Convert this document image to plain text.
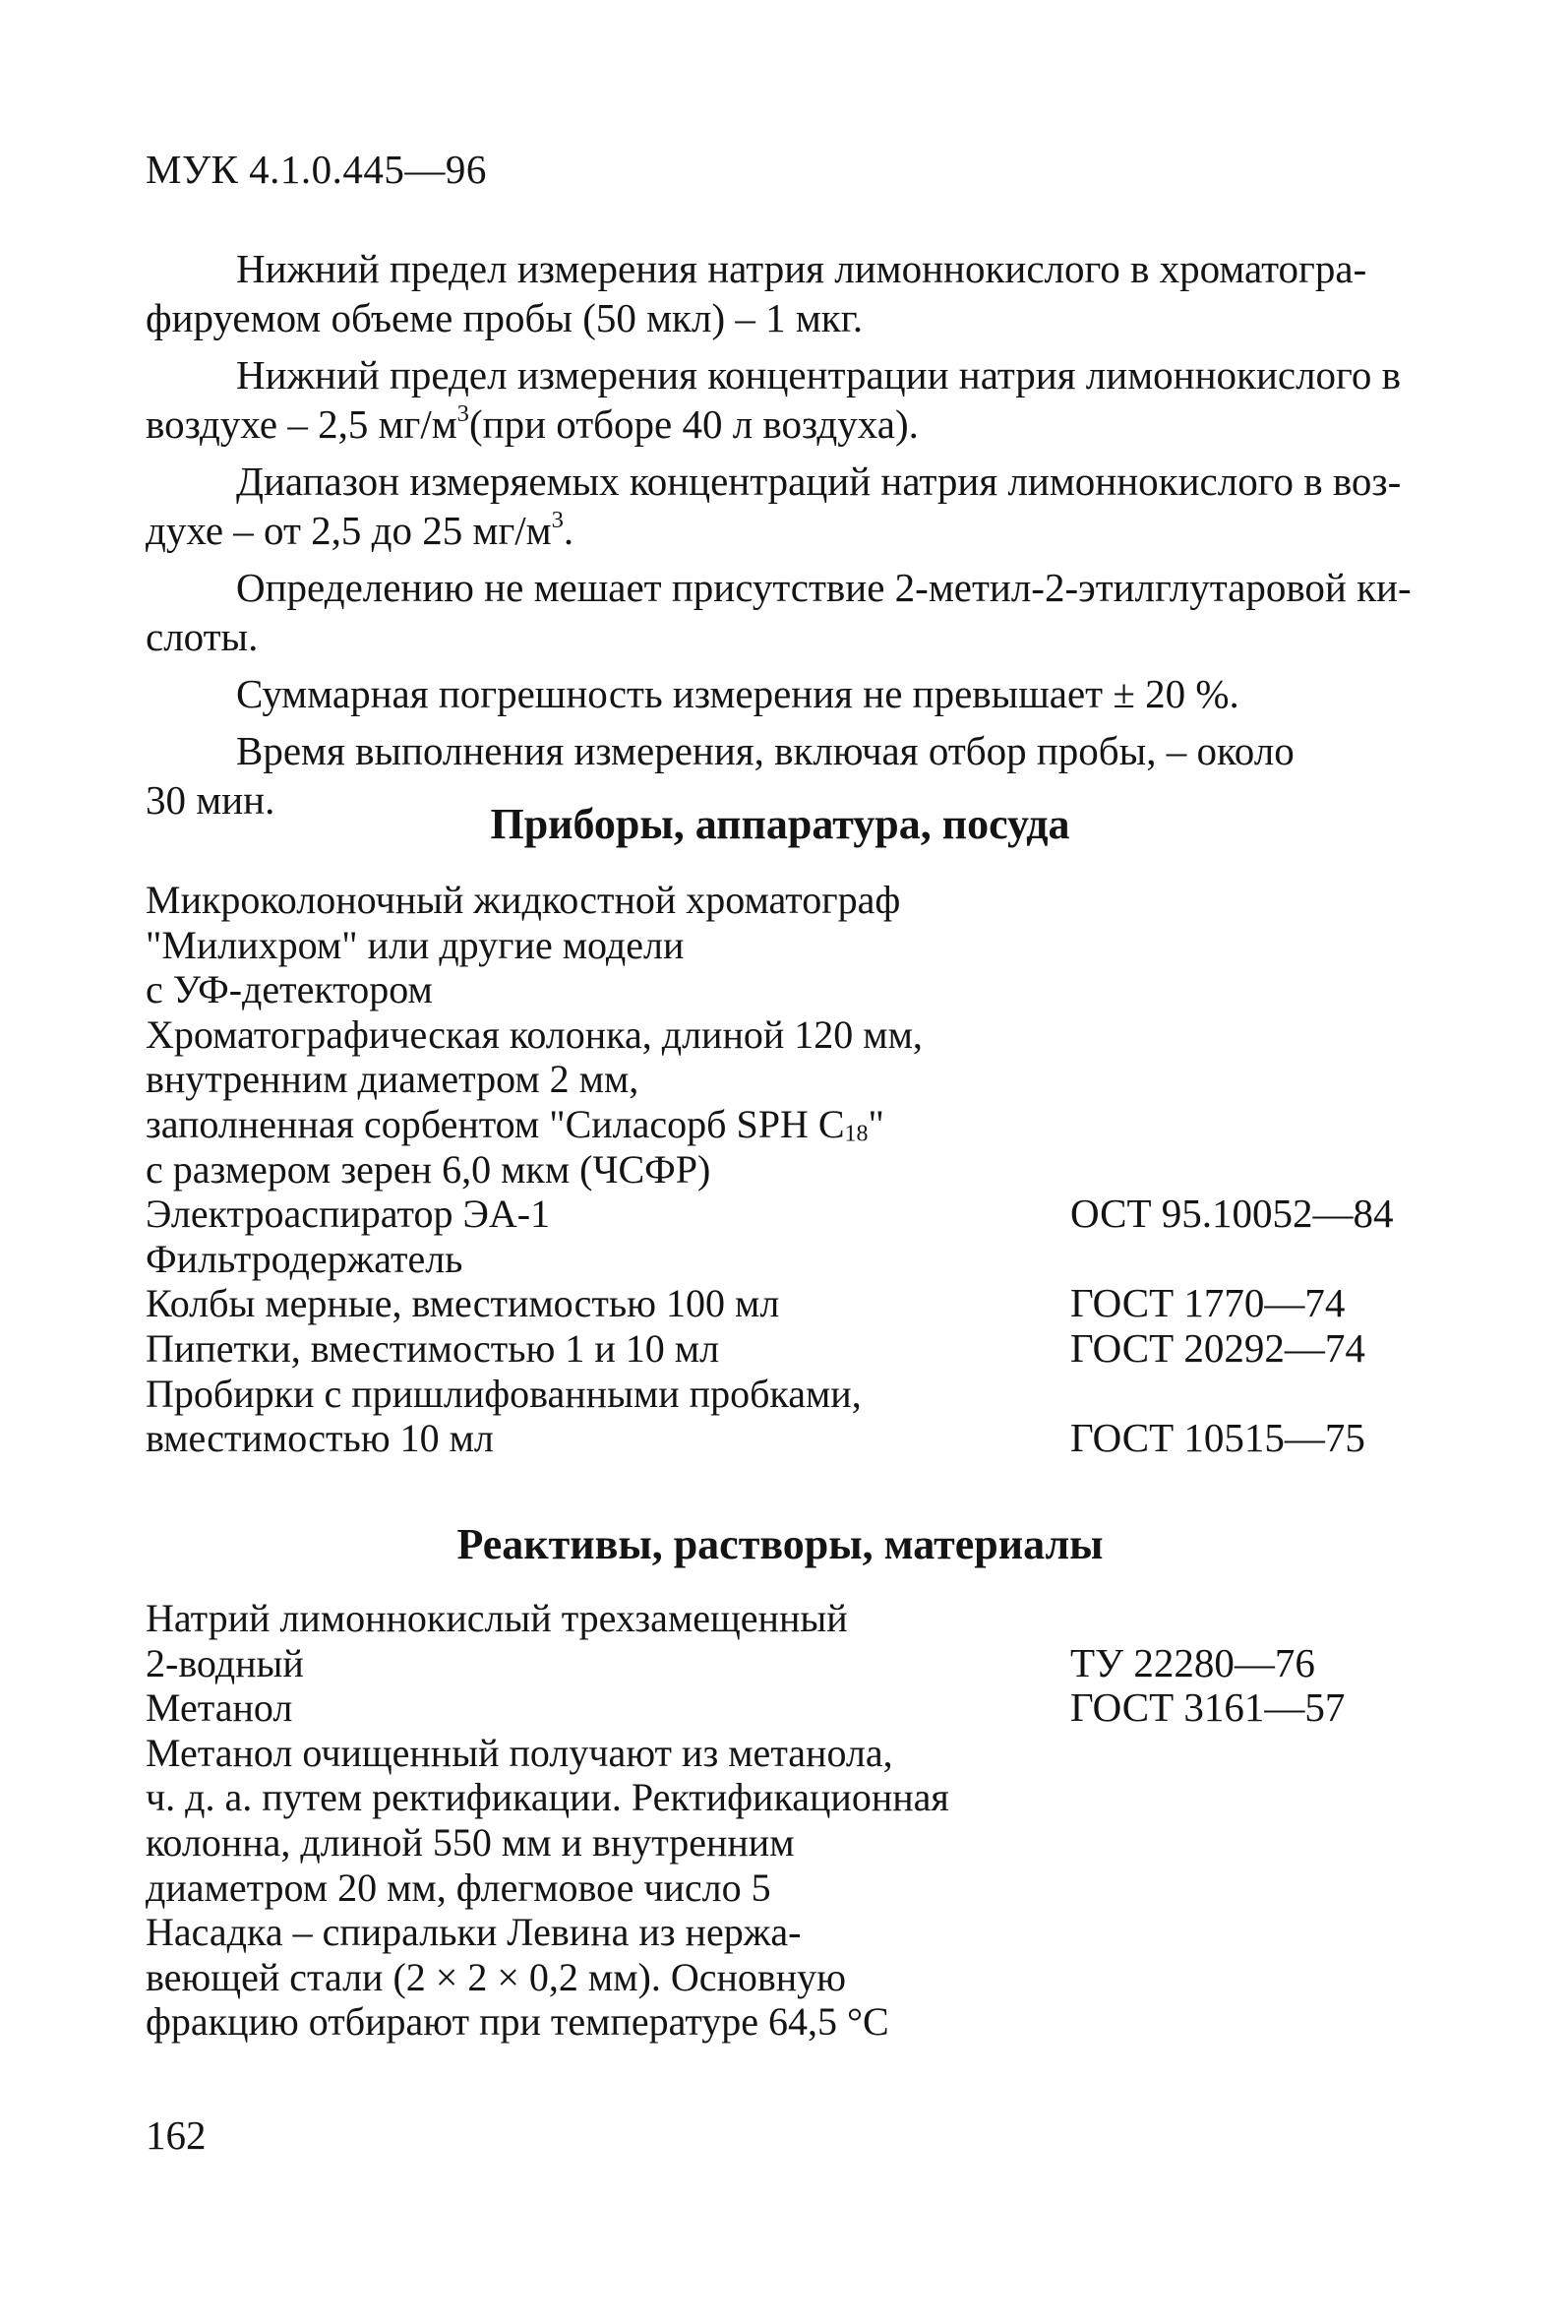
МУК 4.1.0.445—96

Нижний предел измерения натрия лимоннокислого в хроматогра-
фируемом объеме пробы (50 мкл) – 1 мкг.

Нижний предел измерения концентрации натрия лимоннокислого в
воздухе – 2,5 $мг/м^3(при$ отборе 40 л воздуха).

Диапазон измеряемых концентраций натрия лимоннокислого в воз-
духе – от 2,5 до 25 $мг/м^3$.

Определению не мешает присутствие 2-метил-2-этилглутаровой ки-
слоты.

Суммарная погрешность измерения не превышает ± 20 %.

Время выполнения измерения, включая отбор пробы, – около
30 мин.	Приборы, аппаратура, посуда
Микроколоночный жидкостной хроматограф
"Милихром" или другие модели
с УФ-детектором
Хроматографическая колонка, длиной 120 мм,
внутренним диаметром 2 мм,
заполненная сорбентом "Силасорб SPH $C_{18}$"
с размером зерен 6,0 мкм (ЧСФР)
Электроаспиратор ЭА-1	ОСТ 95.10052—84
Фильтродержатель
Колбы мерные, вместимостью 100 мл	ГОСТ 1770—74
Пипетки, вместимостью 1 и 10 мл	ГОСТ 20292—74
Пробирки с пришлифованными пробками,
вместимостью 10 мл	ГОСТ 10515—75
Реактивы, растворы, материалы
Натрий лимоннокислый трехзамещенный
2-водный	ТУ 22280—76
Метанол	ГОСТ 3161—57
Метанол очищенный получают из метанола,
ч. д. а. путем ректификации. Ректификационная
колонна, длиной 550 мм и внутренним
диаметром 20 мм, флегмовое число 5
Насадка – спиральки Левина из нержа-
веющей стали (2 × 2 × 0,2 мм). Основную
фракцию отбирают при температуре 64,5 °С
162
